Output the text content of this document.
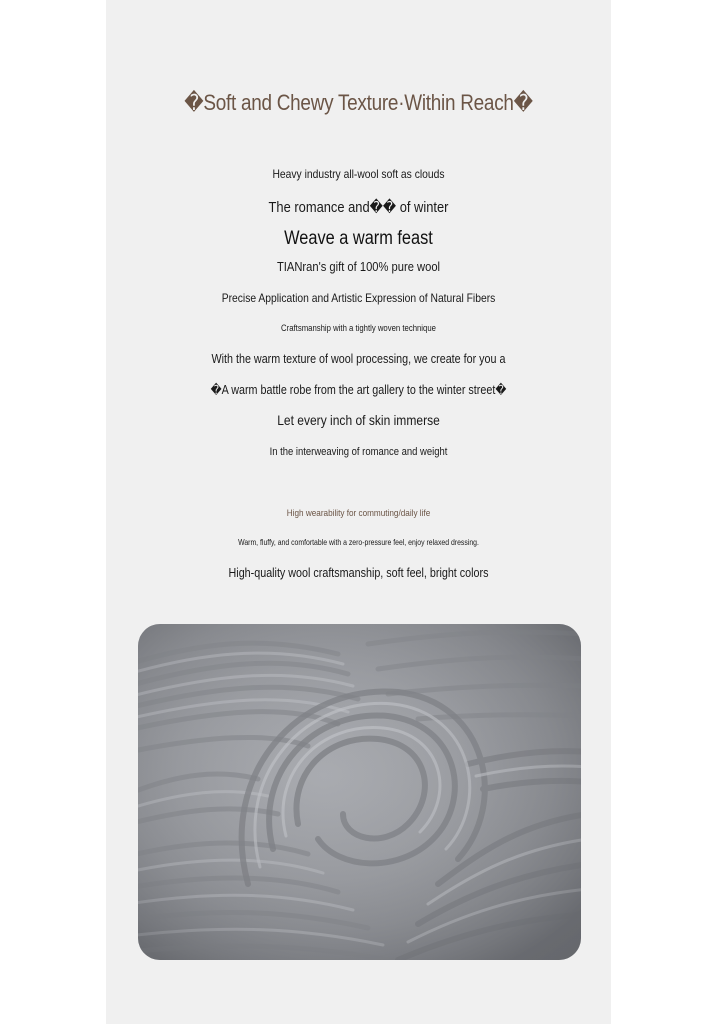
�Soft and Chewy Texture·Within Reach�
Heavy industry all-wool soft as clouds
The romance and�� of winter
Weave a warm feast
TIANran's gift of 100% pure wool
Precise Application and Artistic Expression of Natural Fibers
Craftsmanship with a tightly woven technique
With the warm texture of wool processing, we create for you a
�A warm battle robe from the art gallery to the winter street�
Let every inch of skin immerse
In the interweaving of romance and weight
High wearability for commuting/daily life
Warm, fluffy, and comfortable with a zero-pressure feel, enjoy relaxed dressing.
High-quality wool craftsmanship, soft feel, bright colors
